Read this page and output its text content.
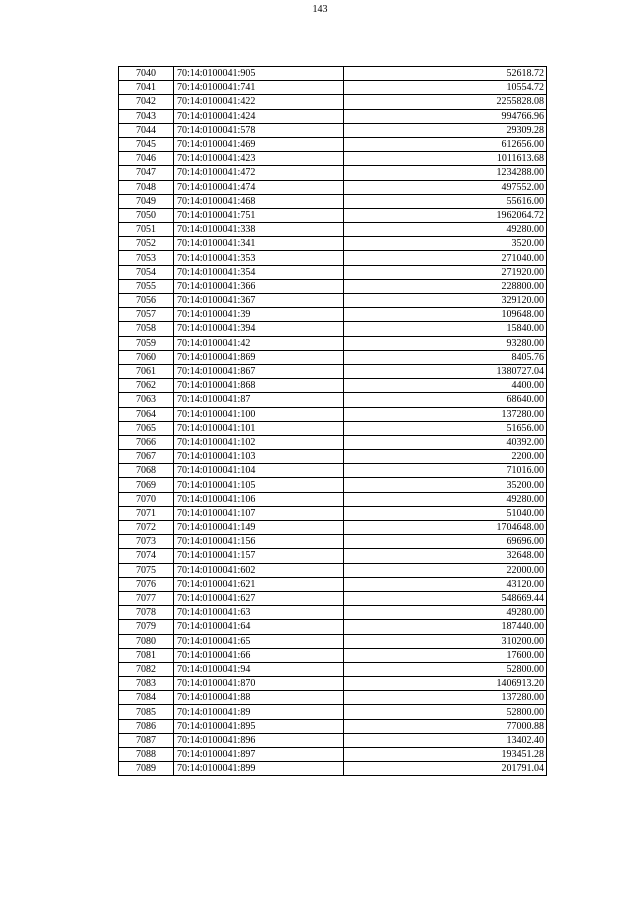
143
7040	70:14:0100041:905	52618.72
7041	70:14:0100041:741	10554.72
7042	70:14:0100041:422	2255828.08
7043	70:14:0100041:424	994766.96
7044	70:14:0100041:578	29309.28
7045	70:14:0100041:469	612656.00
7046	70:14:0100041:423	1011613.68
7047	70:14:0100041:472	1234288.00
7048	70:14:0100041:474	497552.00
7049	70:14:0100041:468	55616.00
7050	70:14:0100041:751	1962064.72
7051	70:14:0100041:338	49280.00
7052	70:14:0100041:341	3520.00
7053	70:14:0100041:353	271040.00
7054	70:14:0100041:354	271920.00
7055	70:14:0100041:366	228800.00
7056	70:14:0100041:367	329120.00
7057	70:14:0100041:39	109648.00
7058	70:14:0100041:394	15840.00
7059	70:14:0100041:42	93280.00
7060	70:14:0100041:869	8405.76
7061	70:14:0100041:867	1380727.04
7062	70:14:0100041:868	4400.00
7063	70:14:0100041:87	68640.00
7064	70:14:0100041:100	137280.00
7065	70:14:0100041:101	51656.00
7066	70:14:0100041:102	40392.00
7067	70:14:0100041:103	2200.00
7068	70:14:0100041:104	71016.00
7069	70:14:0100041:105	35200.00
7070	70:14:0100041:106	49280.00
7071	70:14:0100041:107	51040.00
7072	70:14:0100041:149	1704648.00
7073	70:14:0100041:156	69696.00
7074	70:14:0100041:157	32648.00
7075	70:14:0100041:602	22000.00
7076	70:14:0100041:621	43120.00
7077	70:14:0100041:627	548669.44
7078	70:14:0100041:63	49280.00
7079	70:14:0100041:64	187440.00
7080	70:14:0100041:65	310200.00
7081	70:14:0100041:66	17600.00
7082	70:14:0100041:94	52800.00
7083	70:14:0100041:870	1406913.20
7084	70:14:0100041:88	137280.00
7085	70:14:0100041:89	52800.00
7086	70:14:0100041:895	77000.88
7087	70:14:0100041:896	13402.40
7088	70:14:0100041:897	193451.28
7089	70:14:0100041:899	201791.04
